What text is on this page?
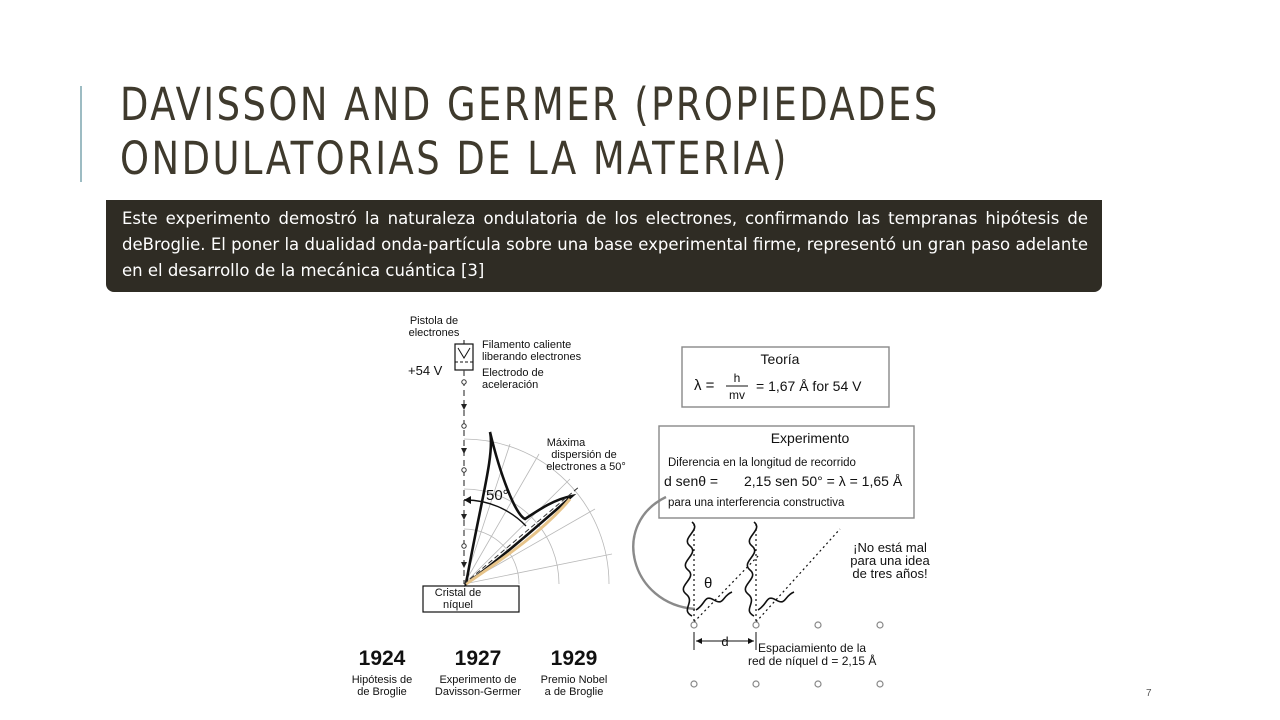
DAVISSON AND GERMER (PROPIEDADES
ONDULATORIAS DE LA MATERIA)
Este experimento demostró la naturaleza ondulatoria de los electrones, confirmando las tempranas hipótesis de deBroglie. El poner la dualidad onda-partícula sobre una base experimental firme, representó un gran paso adelante en el desarrollo de la mecánica cuántica [3]
Pistola de
electrones
Filamento caliente
liberando electrones
Electrodo de
aceleración
+54 V
Máxima
dispersión de
electrones a 50°
50°
Cristal de
níquel
Teoría
λ = h
mv
= 1,67 Å for 54 V
Experimento
Diferencia en la longitud de recorrido
d senθ = 2,15 sen 50° = λ = 1,65 Å
para una interferencia constructiva
θ
¡No está mal
para una idea
de tres años!
d Espaciamiento de la
red de níquel d = 2,15 Å
1924
Hipótesis de
de Broglie
1927
Experimento de
Davisson-Germer
1929
Premio Nobel
a de Broglie	7
